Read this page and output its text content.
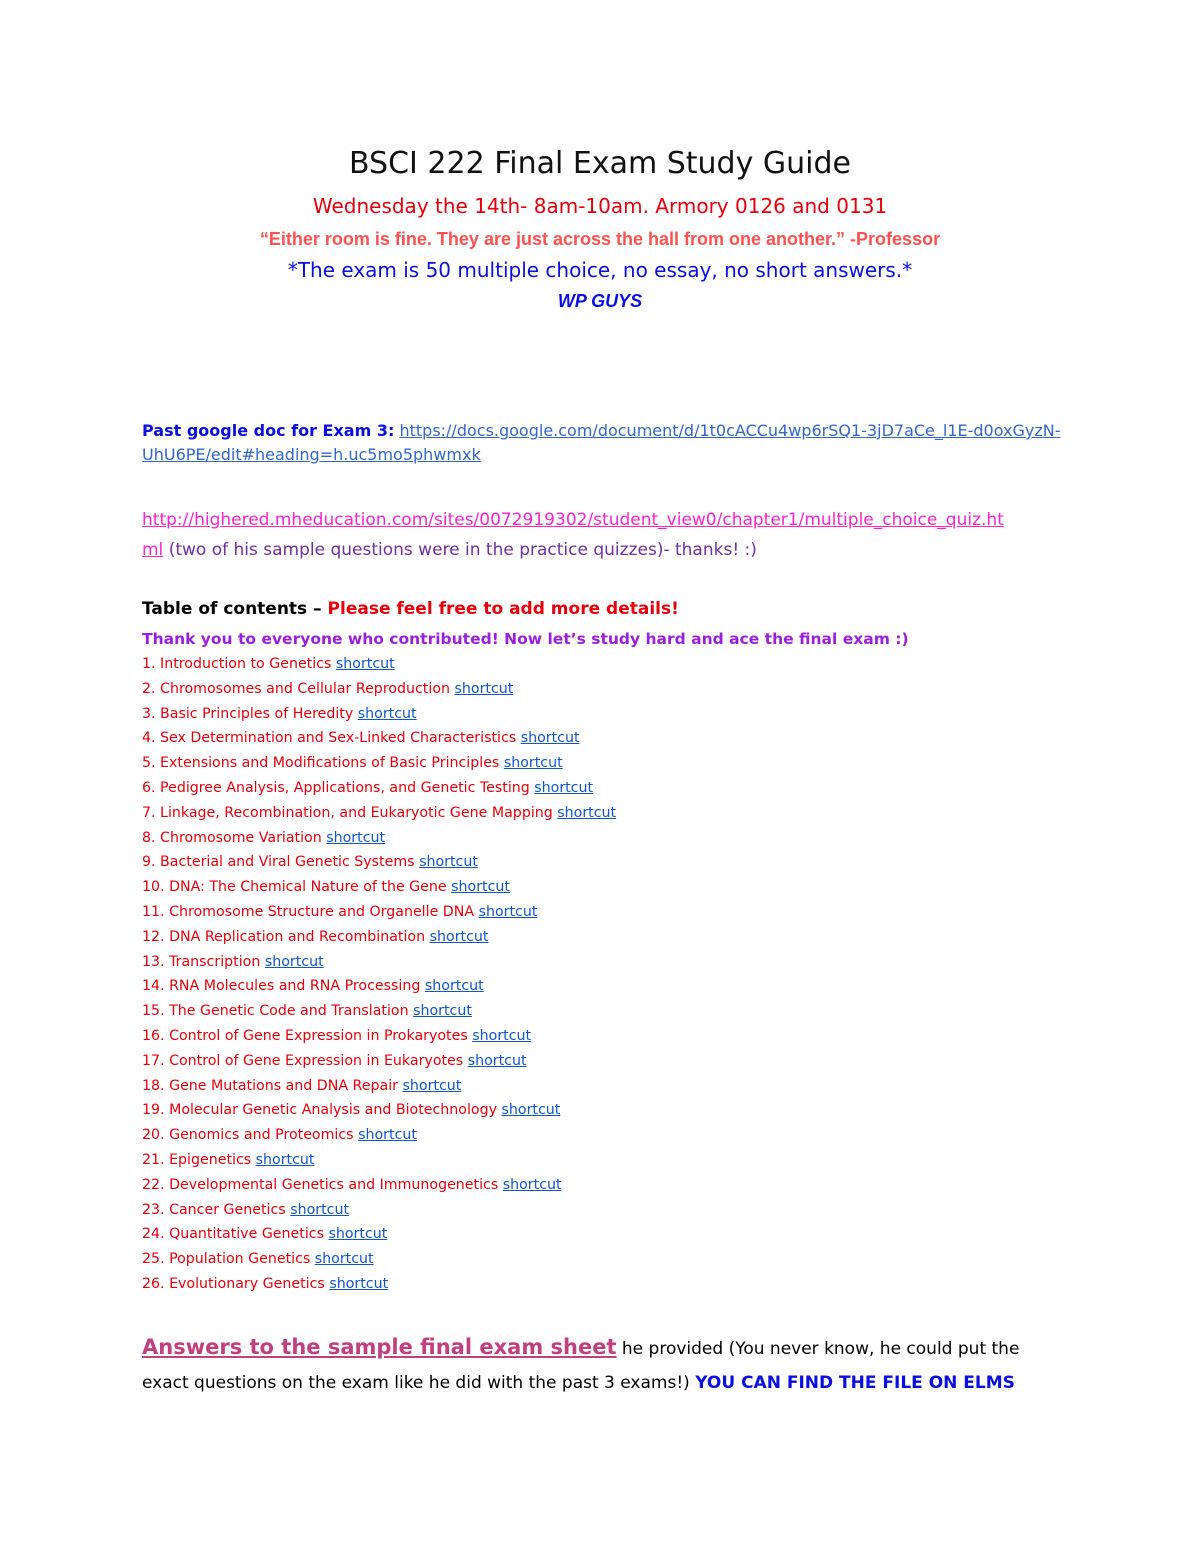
BSCI 222 Final Exam Study Guide
Wednesday the 14th- 8am-10am. Armory 0126 and 0131
“Either room is fine. They are just across the hall from one another.” -Professor
*The exam is 50 multiple choice, no essay, no short answers.*
WP GUYS
Past google doc for Exam 3: https://docs.google.com/document/d/1t0cACCu4wp6rSQ1-3jD7aCe_l1E-d0oxGyzN-
UhU6PE/edit#heading=h.uc5mo5phwmxk
http://highered.mheducation.com/sites/0072919302/student_view0/chapter1/multiple_choice_quiz.ht
ml (two of his sample questions were in the practice quizzes)- thanks! :)
Table of contents – Please feel free to add more details!
Thank you to everyone who contributed! Now let’s study hard and ace the final exam :)
1. Introduction to Genetics shortcut
2. Chromosomes and Cellular Reproduction shortcut
3. Basic Principles of Heredity shortcut
4. Sex Determination and Sex-Linked Characteristics shortcut
5. Extensions and Modifications of Basic Principles shortcut
6. Pedigree Analysis, Applications, and Genetic Testing shortcut
7. Linkage, Recombination, and Eukaryotic Gene Mapping shortcut
8. Chromosome Variation shortcut
9. Bacterial and Viral Genetic Systems shortcut
10. DNA: The Chemical Nature of the Gene shortcut
11. Chromosome Structure and Organelle DNA shortcut
12. DNA Replication and Recombination shortcut
13. Transcription shortcut
14. RNA Molecules and RNA Processing shortcut
15. The Genetic Code and Translation shortcut
16. Control of Gene Expression in Prokaryotes shortcut
17. Control of Gene Expression in Eukaryotes shortcut
18. Gene Mutations and DNA Repair shortcut
19. Molecular Genetic Analysis and Biotechnology shortcut
20. Genomics and Proteomics shortcut
21. Epigenetics shortcut
22. Developmental Genetics and Immunogenetics shortcut
23. Cancer Genetics shortcut
24. Quantitative Genetics shortcut
25. Population Genetics shortcut
26. Evolutionary Genetics shortcut
Answers to the sample final exam sheet he provided (You never know, he could put the exact questions on the exam like he did with the past 3 exams!) YOU CAN FIND THE FILE ON ELMS
